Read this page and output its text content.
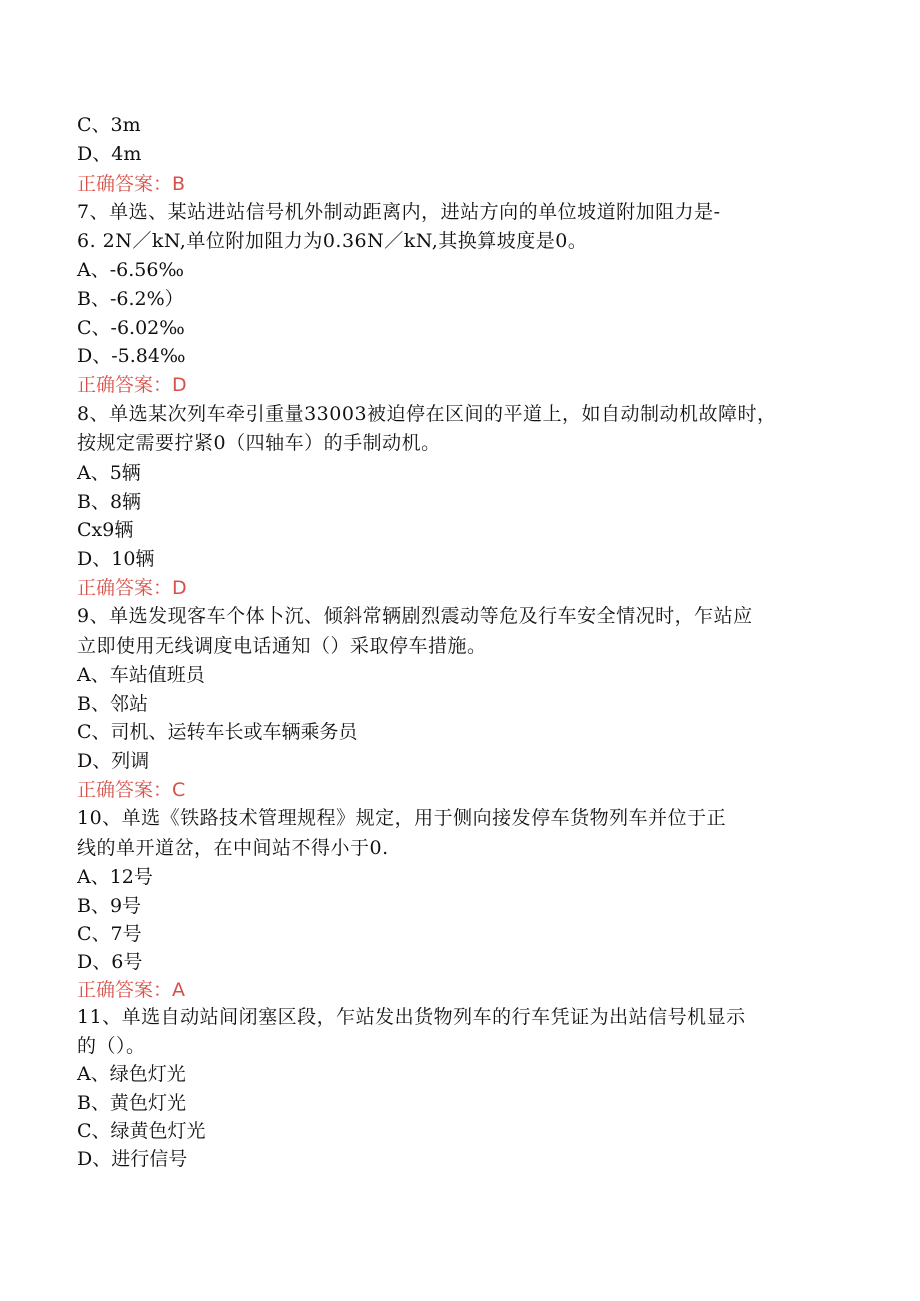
C、3m
D、4m
正确答案：B
7、单选、某站进站信号机外制动距离内，进站方向的单位坡道附加阻力是-
6. 2N／kN,单位附加阻力为0.36N／kN,其换算坡度是0。
A、-6.56‰
B、-6.2%）
C、-6.02‰
D、-5.84‰
正确答案：D
8、单选某次列车牵引重量33003被迫停在区间的平道上，如自动制动机故障时，
按规定需要拧紧0（四轴车）的手制动机。
A、5辆
B、8辆
Cx9辆
D、10辆
正确答案：D
9、单选发现客车个体卜沉、倾斜常辆剧烈震动等危及行车安全情况时，乍站应
立即使用无线调度电话通知（）采取停车措施。
A、车站值班员
B、邻站
C、司机、运转车长或车辆乘务员
D、列调
正确答案：C
10、单选《铁路技术管理规程》规定，用于侧向接发停车货物列车并位于正
线的单开道岔，在中间站不得小于0.
A、12号
B、9号
C、7号
D、6号
正确答案：A
11、单选自动站间闭塞区段，乍站发出货物列车的行车凭证为出站信号机显示
的（）。
A、绿色灯光
B、黄色灯光
C、绿黄色灯光
D、进行信号
